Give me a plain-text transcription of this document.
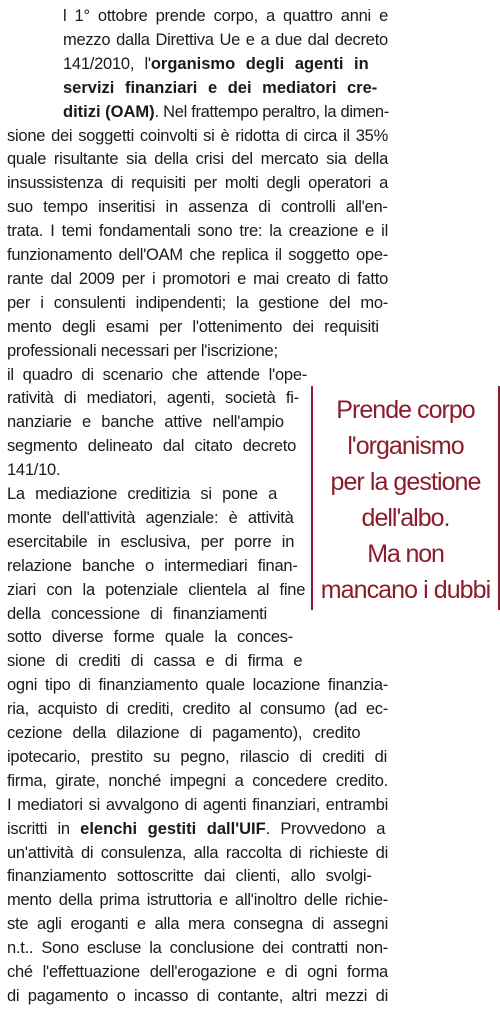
l 1° ottobre prende corpo, a quattro anni e
mezzo dalla Direttiva Ue e a due dal decreto
141/2010, l'organismo degli agenti in
servizi finanziari e dei mediatori cre-
ditizi (OAM). Nel frattempo peraltro, la dimen-
sione dei soggetti coinvolti si è ridotta di circa il 35%
quale risultante sia della crisi del mercato sia della
insussistenza di requisiti per molti degli operatori a
suo tempo inseritisi in assenza di controlli all'en-
trata. I temi fondamentali sono tre: la creazione e il
funzionamento dell'OAM che replica il soggetto ope-
rante dal 2009 per i promotori e mai creato di fatto
per i consulenti indipendenti; la gestione del mo-
mento degli esami per l'ottenimento dei requisiti
professionali necessari per l'iscrizione;
il quadro di scenario che attende l'ope-
ratività di mediatori, agenti, società fi-
nanziarie e banche attive nell'ampio
segmento delineato dal citato decreto
141/10.
La mediazione creditizia si pone a
monte dell'attività agenziale: è attività
esercitabile in esclusiva, per porre in
relazione banche o intermediari finan-
ziari con la potenziale clientela al fine
della concessione di finanziamenti
sotto diverse forme quale la conces-
sione di crediti di cassa e di firma e
ogni tipo di finanziamento quale locazione finanzia-
ria, acquisto di crediti, credito al consumo (ad ec-
cezione della dilazione di pagamento), credito
ipotecario, prestito su pegno, rilascio di crediti di
firma, girate, nonché impegni a concedere credito.
I mediatori si avvalgono di agenti finanziari, entrambi
iscritti in elenchi gestiti dall'UIF. Provvedono a
un'attività di consulenza, alla raccolta di richieste di
finanziamento sottoscritte dai clienti, allo svolgi-
mento della prima istruttoria e all'inoltro delle richie-
ste agli eroganti e alla mera consegna di assegni
n.t.. Sono escluse la conclusione dei contratti non-
ché l'effettuazione dell'erogazione e di ogni forma
di pagamento o incasso di contante, altri mezzi di
Prende corpo
l'organismo
per la gestione
dell'albo.
Ma non
mancano i dubbi
